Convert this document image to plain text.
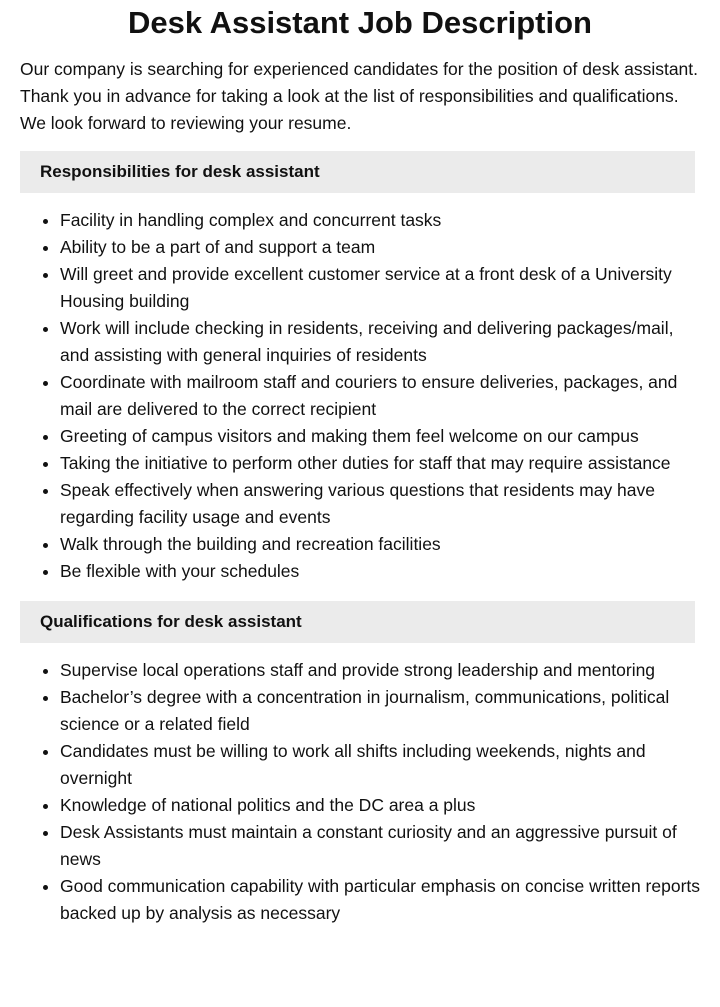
Desk Assistant Job Description

Our company is searching for experienced candidates for the position of desk assistant. Thank you in advance for taking a look at the list of responsibilities and qualifications. We look forward to reviewing your resume.

Responsibilities for desk assistant
• Facility in handling complex and concurrent tasks
• Ability to be a part of and support a team
• Will greet and provide excellent customer service at a front desk of a University Housing building
• Work will include checking in residents, receiving and delivering packages/mail, and assisting with general inquiries of residents
• Coordinate with mailroom staff and couriers to ensure deliveries, packages, and mail are delivered to the correct recipient
• Greeting of campus visitors and making them feel welcome on our campus
• Taking the initiative to perform other duties for staff that may require assistance
• Speak effectively when answering various questions that residents may have regarding facility usage and events
• Walk through the building and recreation facilities
• Be flexible with your schedules
Qualifications for desk assistant
• Supervise local operations staff and provide strong leadership and mentoring
• Bachelor’s degree with a concentration in journalism, communications, political science or a related field
• Candidates must be willing to work all shifts including weekends, nights and overnight
• Knowledge of national politics and the DC area a plus
• Desk Assistants must maintain a constant curiosity and an aggressive pursuit of news
• Good communication capability with particular emphasis on concise written reports backed up by analysis as necessary
